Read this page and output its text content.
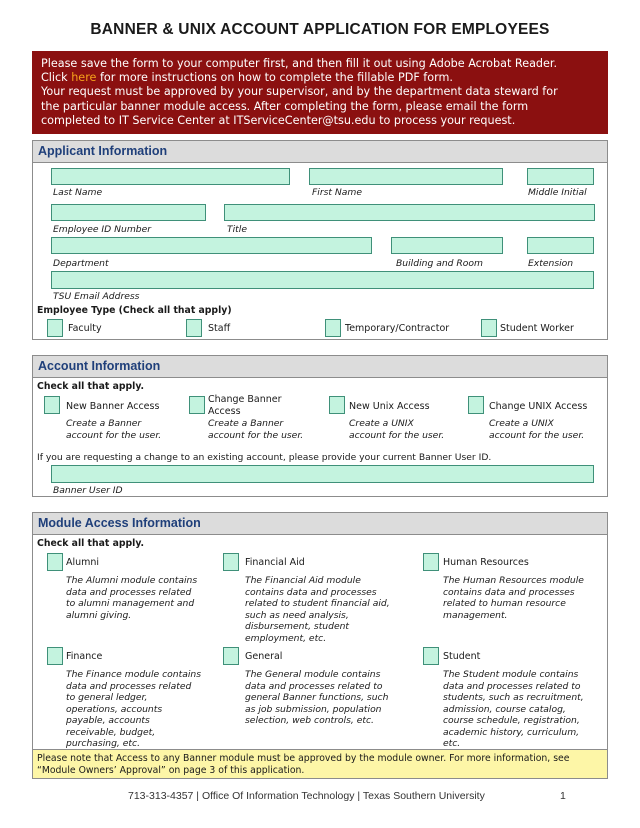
BANNER & UNIX ACCOUNT APPLICATION FOR EMPLOYEES
Please save the form to your computer first, and then fill it out using Adobe Acrobat Reader.
Click here for more instructions on how to complete the fillable PDF form.
Your request must be approved by your supervisor, and by the department data steward for
the particular banner module access. After completing the form, please email the form
completed to IT Service Center at ITServiceCenter@tsu.edu to process your request.
Applicant Information
Last Name	First Name	Middle Initial
Employee ID Number	Title
Department	Building and Room	Extension
TSU Email Address
Employee Type (Check all that apply)
Faculty	Staff	Temporary/Contractor	Student Worker
Account Information
Check all that apply.
New Banner Access
Create a Banner
account for the user.
Change Banner
Access
Create a Banner
account for the user.
New Unix Access
Create a UNIX
account for the user.
Change UNIX Access
Create a UNIX
account for the user.
If you are requesting a change to an existing account, please provide your current Banner User ID.
Banner User ID
Module Access Information
Check all that apply.
Alumni
The Alumni module contains
data and processes related
to alumni management and
alumni giving.
Financial Aid
The Financial Aid module
contains data and processes
related to student financial aid,
such as need analysis,
disbursement, student
employment, etc.
Human Resources
The Human Resources module
contains data and processes
related to human resource
management.
Finance
The Finance module contains
data and processes related
to general ledger,
operations, accounts
payable, accounts
receivable, budget,
purchasing, etc.
General
The General module contains
data and processes related to
general Banner functions, such
as job submission, population
selection, web controls, etc.
Student
The Student module contains
data and processes related to
students, such as recruitment,
admission, course catalog,
course schedule, registration,
academic history, curriculum,
etc.
Please note that Access to any Banner module must be approved by the module owner. For more information, see
“Module Owners’ Approval” on page 3 of this application.
713-313-4357 | Office Of Information Technology | Texas Southern University	1
